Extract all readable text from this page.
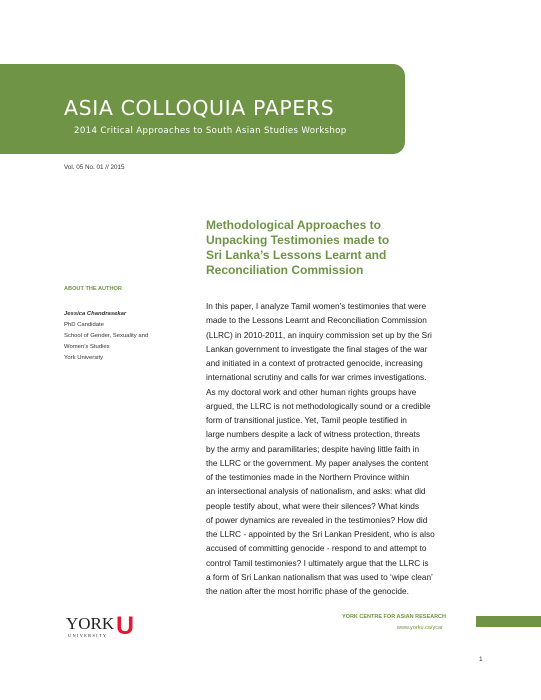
ASIA COLLOQUIA PAPERS
2014 Critical Approaches to South Asian Studies Workshop
Vol. 05 No. 01 // 2015
Methodological Approaches to
Unpacking Testimonies made to
Sri Lanka’s Lessons Learnt and
Reconciliation Commission
ABOUT THE AUTHOR
Jessica Chandrasekar
PhD Candidate
School of Gender, Sexuality and
Women’s Studies
York University
In this paper, I analyze Tamil women’s testimonies that were
made to the Lessons Learnt and Reconciliation Commission
(LLRC) in 2010-2011, an inquiry commission set up by the Sri
Lankan government to investigate the final stages of the war
and initiated in a context of protracted genocide, increasing
international scrutiny and calls for war crimes investigations.
As my doctoral work and other human rights groups have
argued, the LLRC is not methodologically sound or a credible
form of transitional justice. Yet, Tamil people testified in
large numbers despite a lack of witness protection, threats
by the army and paramilitaries; despite having little faith in
the LLRC or the government. My paper analyses the content
of the testimonies made in the Northern Province within
an intersectional analysis of nationalism, and asks: what did
people testify about, what were their silences? What kinds
of power dynamics are revealed in the testimonies? How did
the LLRC - appointed by the Sri Lankan President, who is also
accused of committing genocide - respond to and attempt to
control Tamil testimonies? I ultimately argue that the LLRC is
a form of Sri Lankan nationalism that was used to ‘wipe clean’
the nation after the most horrific phase of the genocide.
YORK
UNIVERSITY U	YORK CENTRE FOR ASIAN RESEARCH
www.yorku.ca/ycar
1
